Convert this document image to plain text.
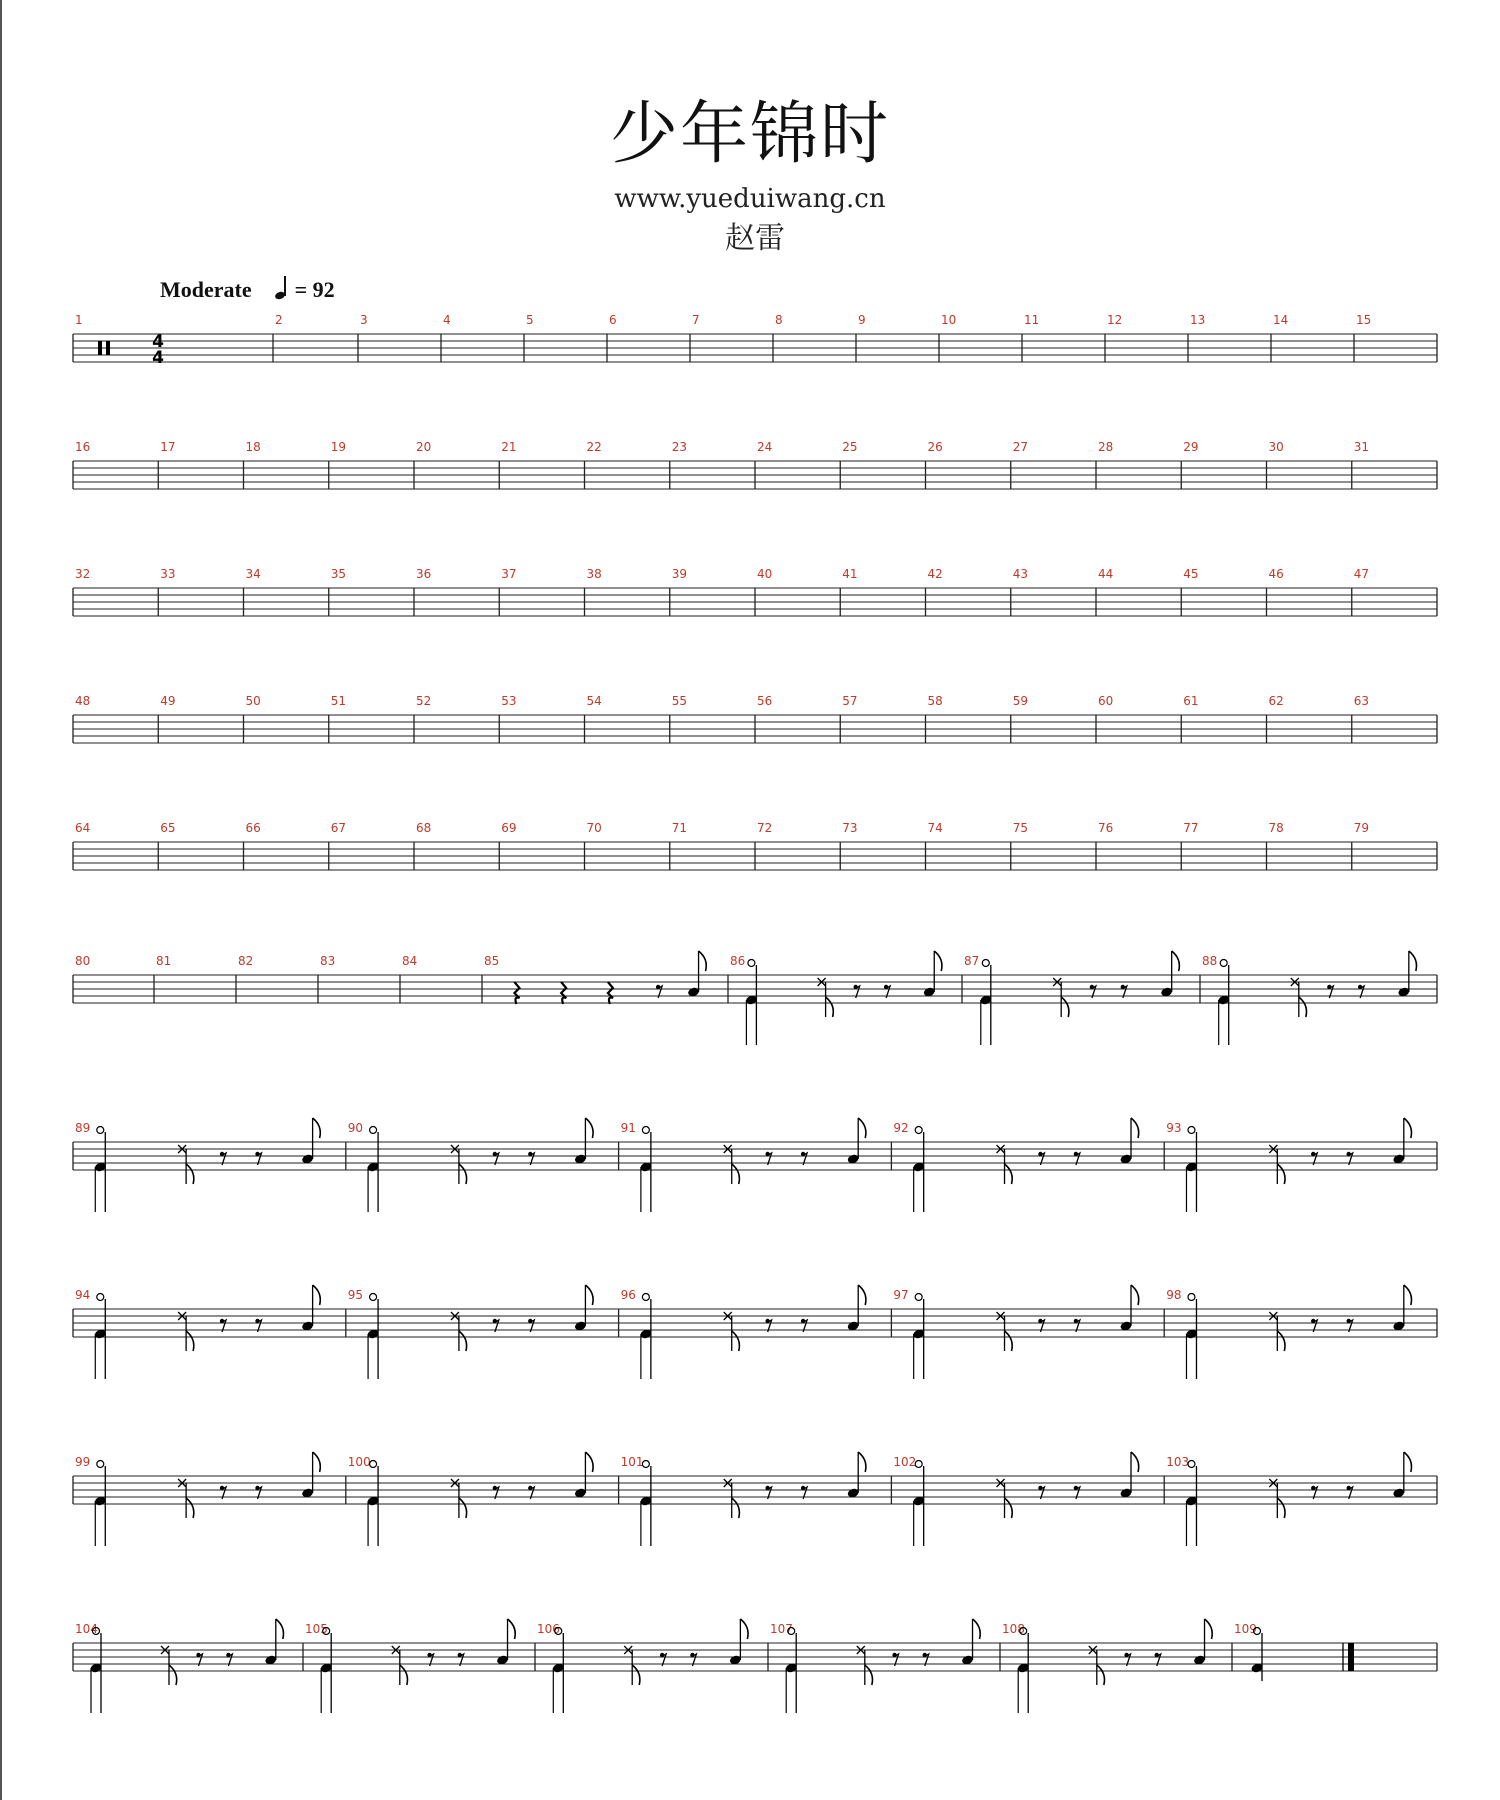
少年锦时
www.yueduiwang.cn
赵雷
Moderate = 92
1	2	3	4	5	6	7	8	9	10	11	12	13	14	15
4
4
16	17	18	19	20	21	22	23	24	25	26	27	28	29	30	31
32	33	34	35	36	37	38	39	40	41	42	43	44	45	46	47
48	49	50	51	52	53	54	55	56	57	58	59	60	61	62	63
64	65	66	67	68	69	70	71	72	73	74	75	76	77	78	79
80	81	82	83	84	85	86	87	88
89	90	91	92	93
94	95	96	97	98
99	100	101	102	103
104	105	106	107	108	109
